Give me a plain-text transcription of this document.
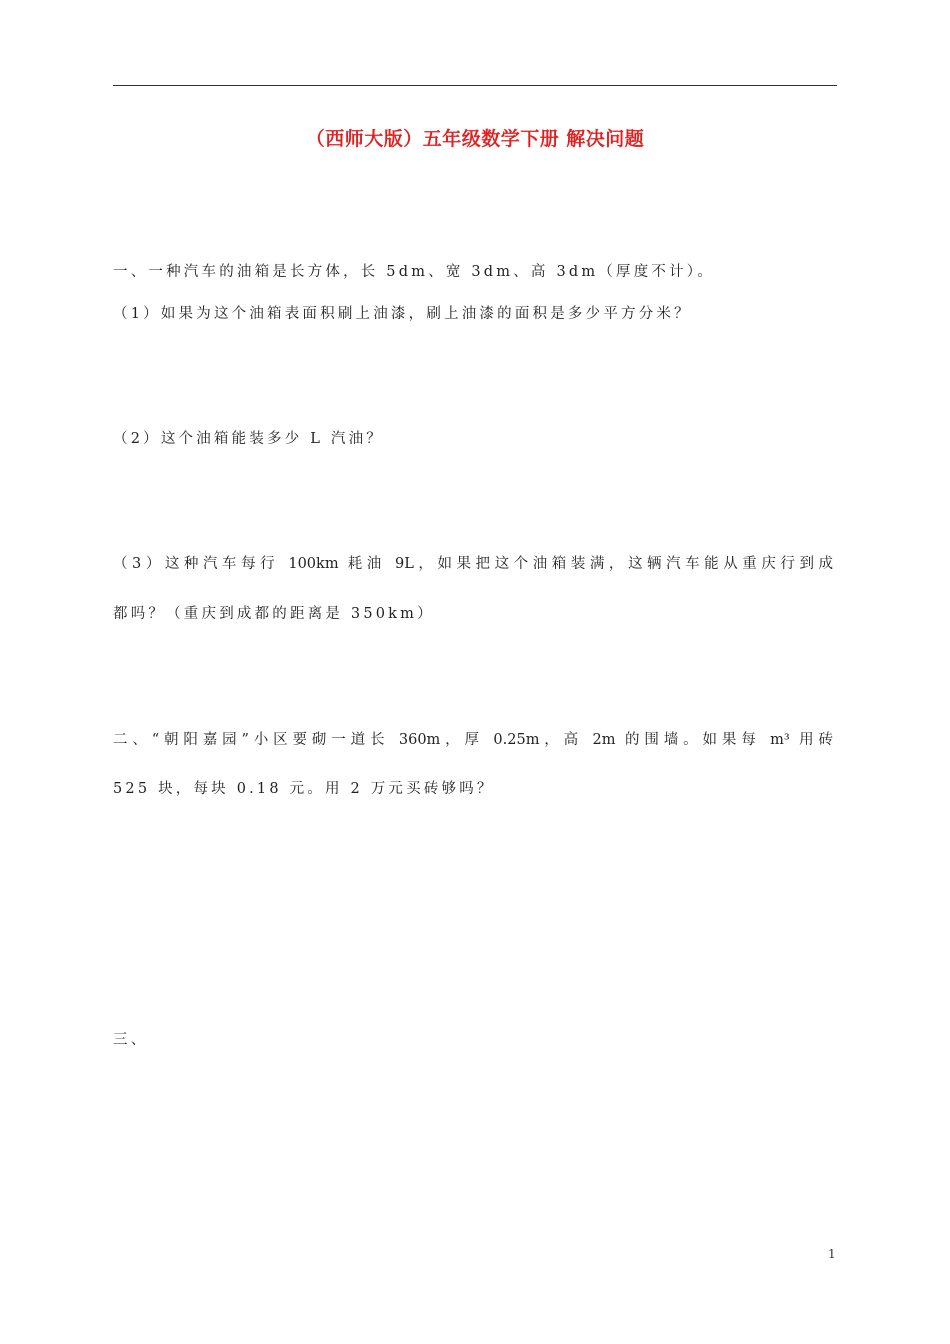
（西师大版）五年级数学下册 解决问题
一、一种汽车的油箱是长方体，长 5dm、宽 3dm、高 3dm（厚度不计）。
（1）如果为这个油箱表面积刷上油漆，刷上油漆的面积是多少平方分米？
（2）这个油箱能装多少 L 汽油？
（3）这种汽车每行 100km 耗油 9L，如果把这个油箱装满，这辆汽车能从重庆行到成
都吗？（重庆到成都的距离是 350km）
二、“朝阳嘉园”小区要砌一道长 360m，厚 0.25m，高 2m 的围墙。如果每 m³ 用砖
525 块，每块 0.18 元。用 2 万元买砖够吗？
三、
1
